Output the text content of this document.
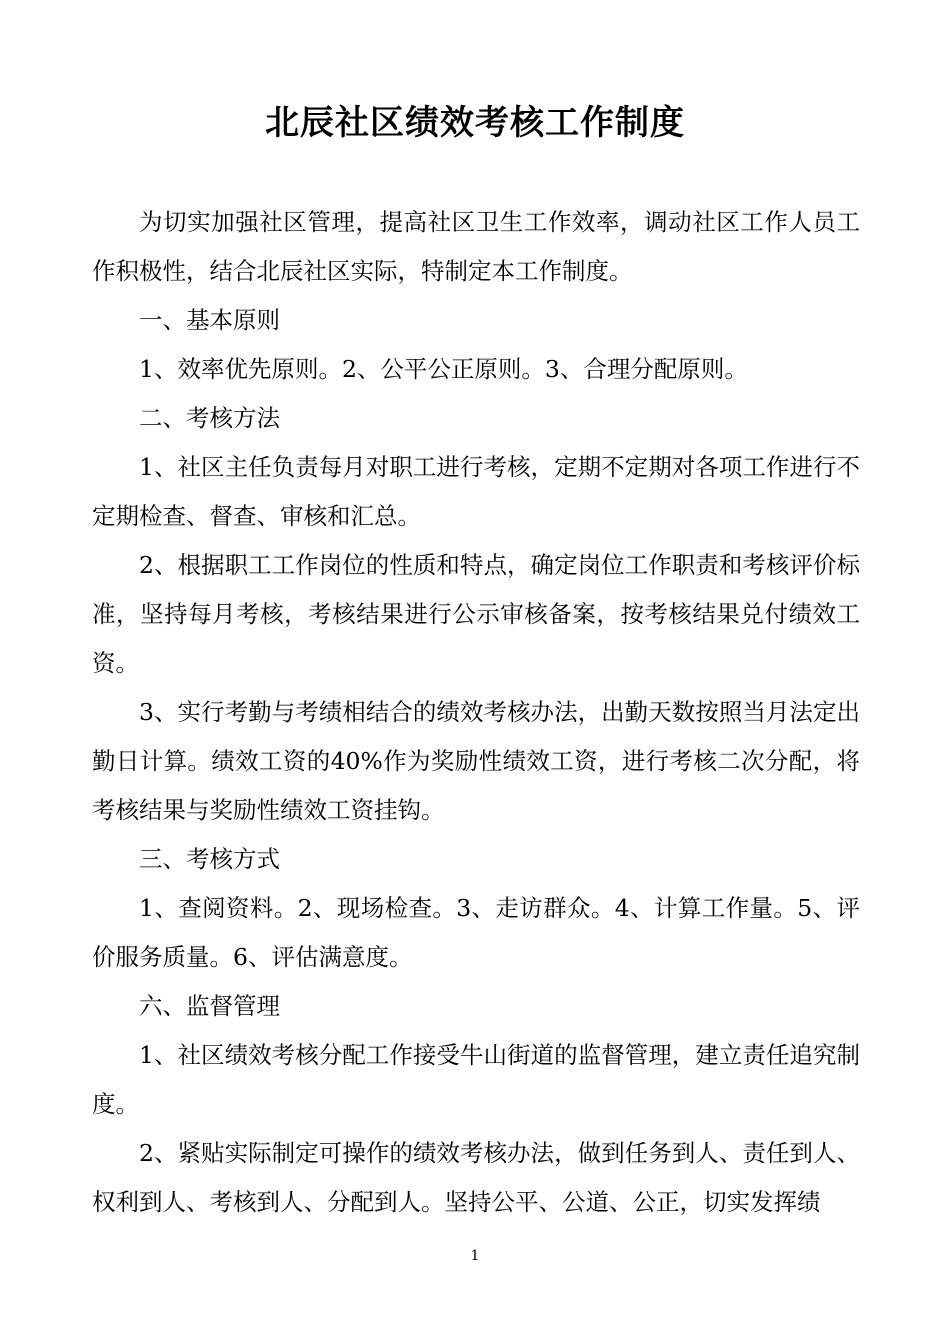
北辰社区绩效考核工作制度

为切实加强社区管理，提高社区卫生工作效率，调动社区工作人员工作积极性，结合北辰社区实际，特制定本工作制度。

一、基本原则

1、效率优先原则。2、公平公正原则。3、合理分配原则。

二、考核方法

1、社区主任负责每月对职工进行考核，定期不定期对各项工作进行不定期检查、督查、审核和汇总。

2、根据职工工作岗位的性质和特点，确定岗位工作职责和考核评价标准，坚持每月考核，考核结果进行公示审核备案，按考核结果兑付绩效工资。

3、实行考勤与考绩相结合的绩效考核办法，出勤天数按照当月法定出勤日计算。绩效工资的40%作为奖励性绩效工资，进行考核二次分配，将考核结果与奖励性绩效工资挂钩。

三、考核方式

1、查阅资料。2、现场检查。3、走访群众。4、计算工作量。5、评价服务质量。6、评估满意度。

六、监督管理

1、社区绩效考核分配工作接受牛山街道的监督管理，建立责任追究制度。

2、紧贴实际制定可操作的绩效考核办法，做到任务到人、责任到人、权利到人、考核到人、分配到人。坚持公平、公道、公正，切实发挥绩

1
